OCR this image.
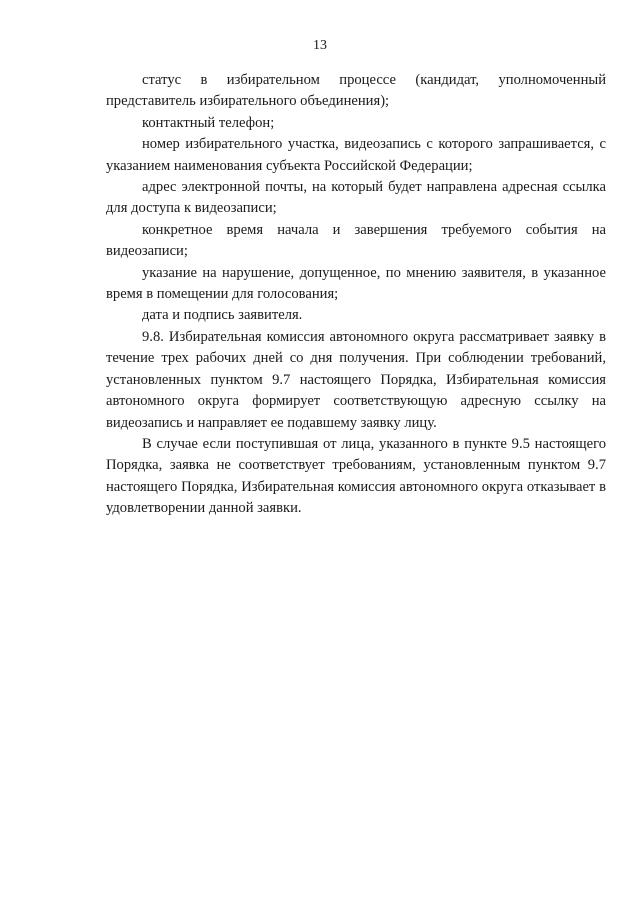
13

статус в избирательном процессе (кандидат, уполномоченный представитель избирательного объединения);

контактный телефон;

номер избирательного участка, видеозапись с которого запрашивается, с указанием наименования субъекта Российской Федерации;

адрес электронной почты, на который будет направлена адресная ссылка для доступа к видеозаписи;

конкретное время начала и завершения требуемого события на видеозаписи;

указание на нарушение, допущенное, по мнению заявителя, в указанное время в помещении для голосования;

дата и подпись заявителя.

9.8. Избирательная комиссия автономного округа рассматривает заявку в течение трех рабочих дней со дня получения. При соблюдении требований, установленных пунктом 9.7 настоящего Порядка, Избирательная комиссия автономного округа формирует соответствующую адресную ссылку на видеозапись и направляет ее подавшему заявку лицу.

В случае если поступившая от лица, указанного в пункте 9.5 настоящего Порядка, заявка не соответствует требованиям, установленным пунктом 9.7 настоящего Порядка, Избирательная комиссия автономного округа отказывает в удовлетворении данной заявки.
